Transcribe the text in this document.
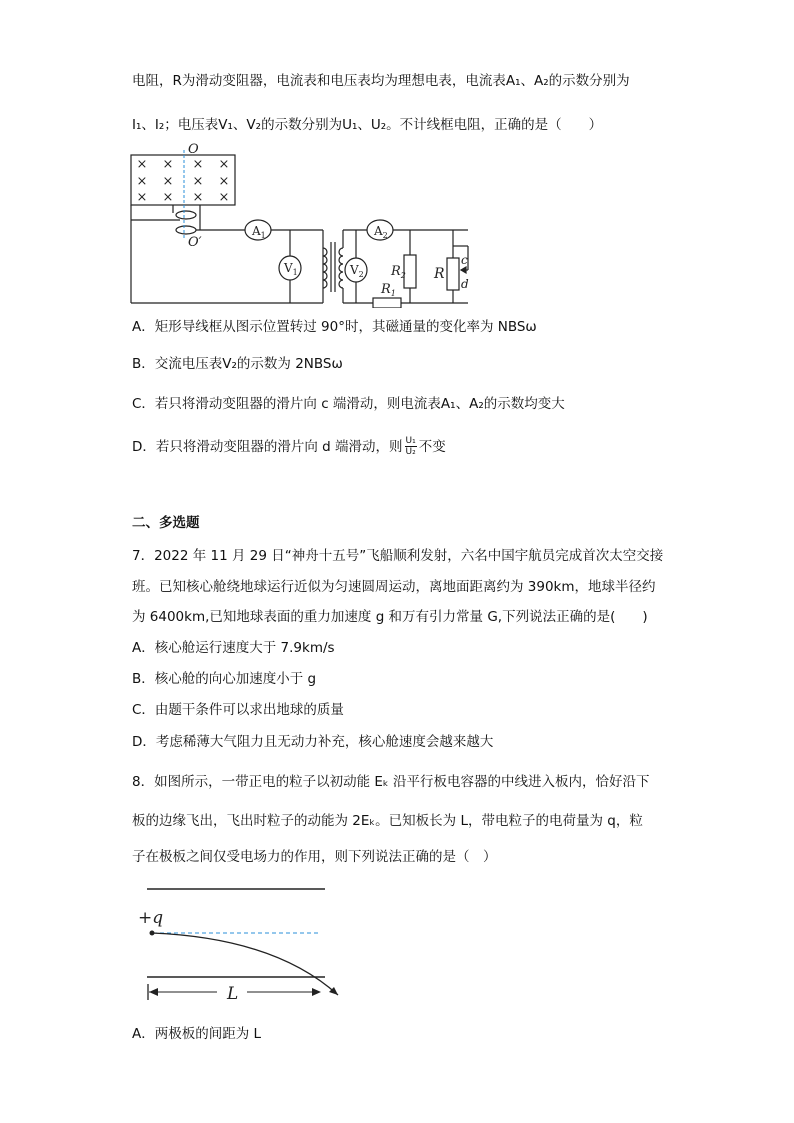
电阻，R为滑动变阻器，电流表和电压表均为理想电表，电流表A₁、A₂的示数分别为
I₁、I₂；电压表V₁、V₂的示数分别为U₁、U₂。不计线框电阻，正确的是（　　）
× × × ×
× × × ×
× × × ×
O
O′
$A_1$
$V_1$
$A_2$
$V_2$ $R_2$
$R_1$
R
c
d
A．矩形导线框从图示位置转过 90°时，其磁通量的变化率为 NBSω
B．交流电压表V₂的示数为 2NBSω
C．若只将滑动变阻器的滑片向 c 端滑动，则电流表A₁、A₂的示数均变大
D．若只将滑动变阻器的滑片向 d 端滑动，则 $\frac{\text{U₁}}{\text{U₂}}$ 不变
二、多选题
7．2022 年 11 月 29 日“神舟十五号”飞船顺利发射，六名中国宇航员完成首次太空交接
班。已知核心舱绕地球运行近似为匀速圆周运动，离地面距离约为 390km，地球半径约
为 6400km,已知地球表面的重力加速度 g 和万有引力常量 G,下列说法正确的是(　　)
A．核心舱运行速度大于 7.9km/s
B．核心舱的向心加速度小于 g
C．由题干条件可以求出地球的质量
D．考虑稀薄大气阻力且无动力补充，核心舱速度会越来越大
8．如图所示，一带正电的粒子以初动能 Eₖ 沿平行板电容器的中线进入板内，恰好沿下
板的边缘飞出，飞出时粒子的动能为 2Eₖ。已知板长为 L，带电粒子的电荷量为 q，粒
子在极板之间仅受电场力的作用，则下列说法正确的是（　）
+q
L
A．两极板的间距为 L
